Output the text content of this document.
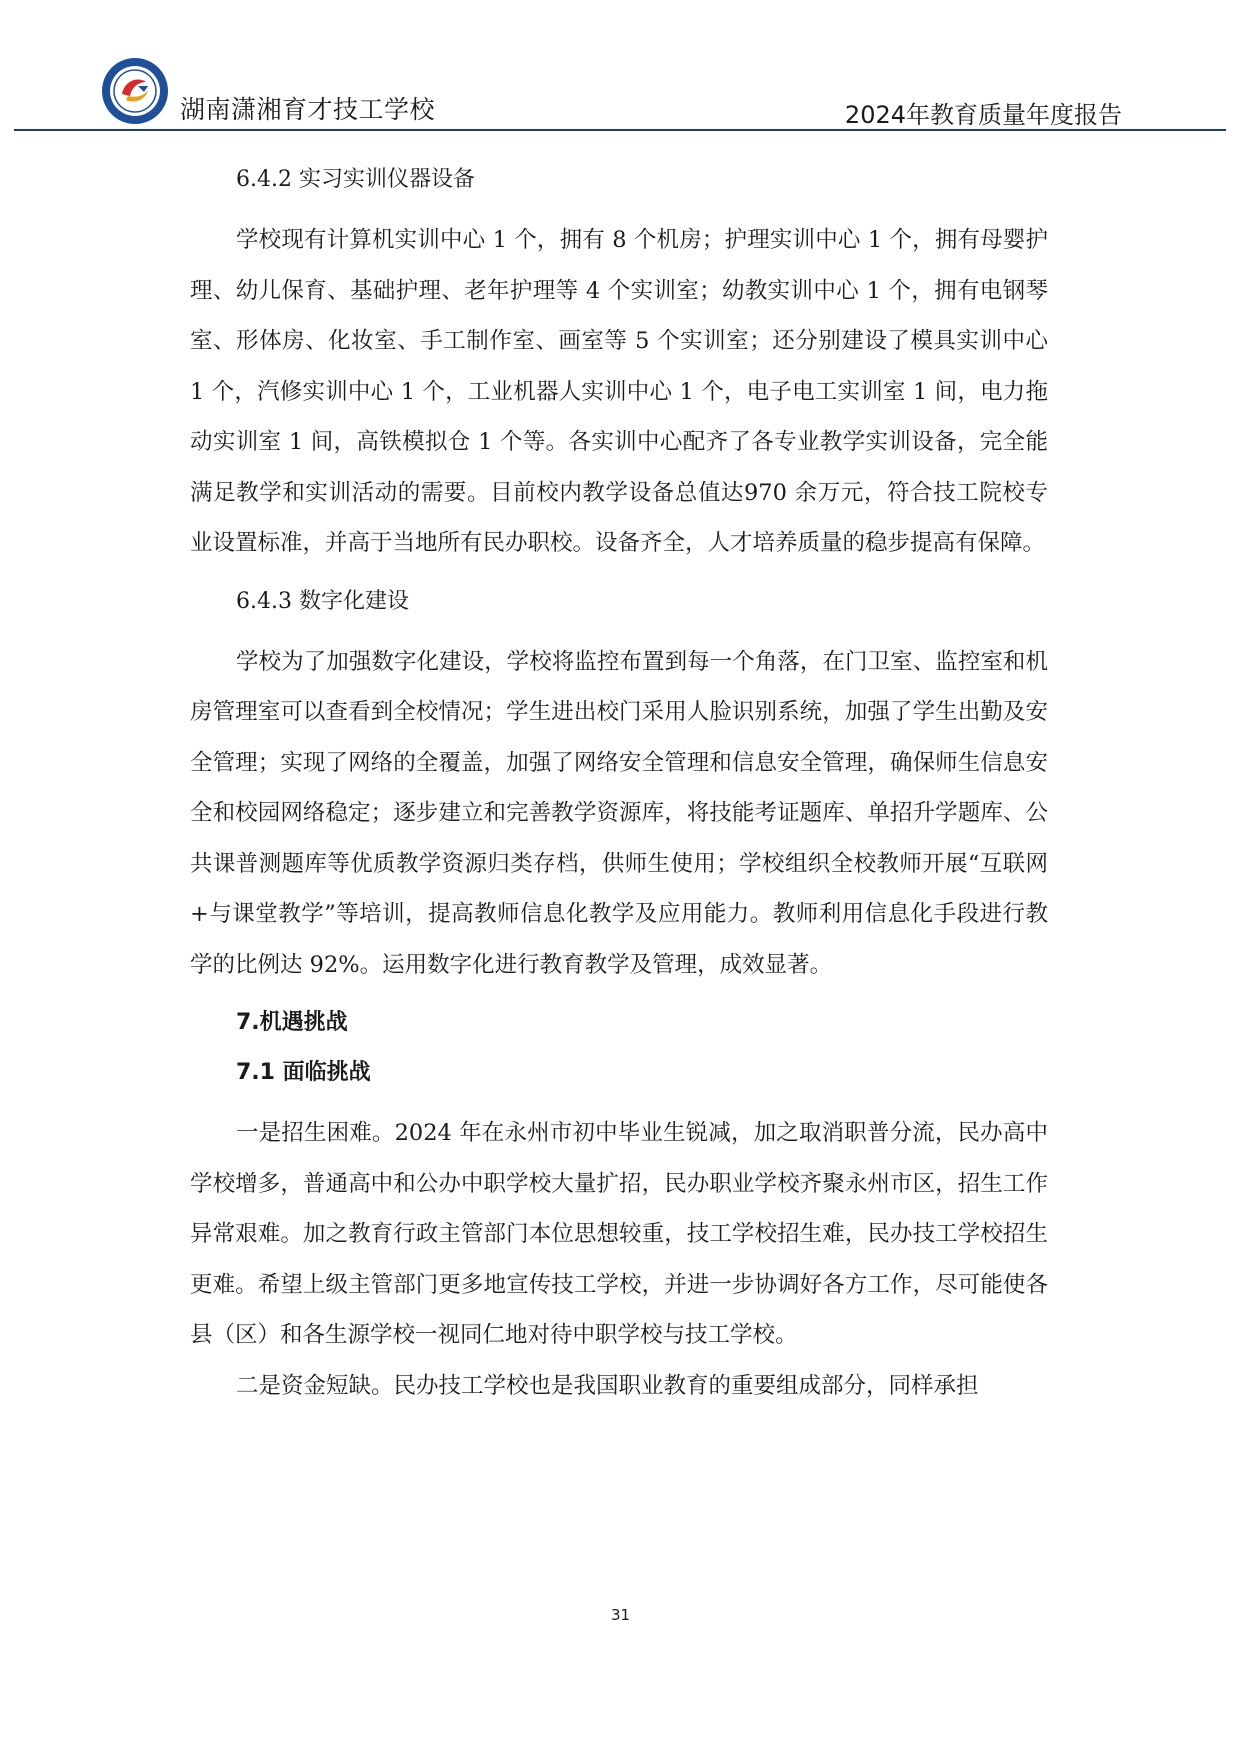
湖南潇湘育才技工学校	2024年教育质量年度报告
6.4.2 实习实训仪器设备

学校现有计算机实训中心 1 个，拥有 8 个机房；护理实训中心 1 个，拥有母婴护理、幼儿保育、基础护理、老年护理等 4 个实训室；幼教实训中心 1 个，拥有电钢琴室、形体房、化妆室、手工制作室、画室等 5 个实训室；还分别建设了模具实训中心 1 个，汽修实训中心 1 个，工业机器人实训中心 1 个，电子电工实训室 1 间，电力拖动实训室 1 间，高铁模拟仓 1 个等。各实训中心配齐了各专业教学实训设备，完全能满足教学和实训活动的需要。目前校内教学设备总值达970 余万元，符合技工院校专业设置标准，并高于当地所有民办职校。设备齐全，人才培养质量的稳步提高有保障。

6.4.3 数字化建设

学校为了加强数字化建设，学校将监控布置到每一个角落，在门卫室、监控室和机房管理室可以查看到全校情况；学生进出校门采用人脸识别系统，加强了学生出勤及安全管理；实现了网络的全覆盖，加强了网络安全管理和信息安全管理，确保师生信息安全和校园网络稳定；逐步建立和完善教学资源库，将技能考证题库、单招升学题库、公共课普测题库等优质教学资源归类存档，供师生使用；学校组织全校教师开展“互联网+与课堂教学”等培训，提高教师信息化教学及应用能力。教师利用信息化手段进行教学的比例达 92%。运用数字化进行教育教学及管理，成效显著。

7.机遇挑战
7.1 面临挑战

一是招生困难。2024 年在永州市初中毕业生锐减，加之取消职普分流，民办高中学校增多，普通高中和公办中职学校大量扩招，民办职业学校齐聚永州市区，招生工作异常艰难。加之教育行政主管部门本位思想较重，技工学校招生难，民办技工学校招生更难。希望上级主管部门更多地宣传技工学校，并进一步协调好各方工作，尽可能使各县（区）和各生源学校一视同仁地对待中职学校与技工学校。

二是资金短缺。民办技工学校也是我国职业教育的重要组成部分，同样承担

31
